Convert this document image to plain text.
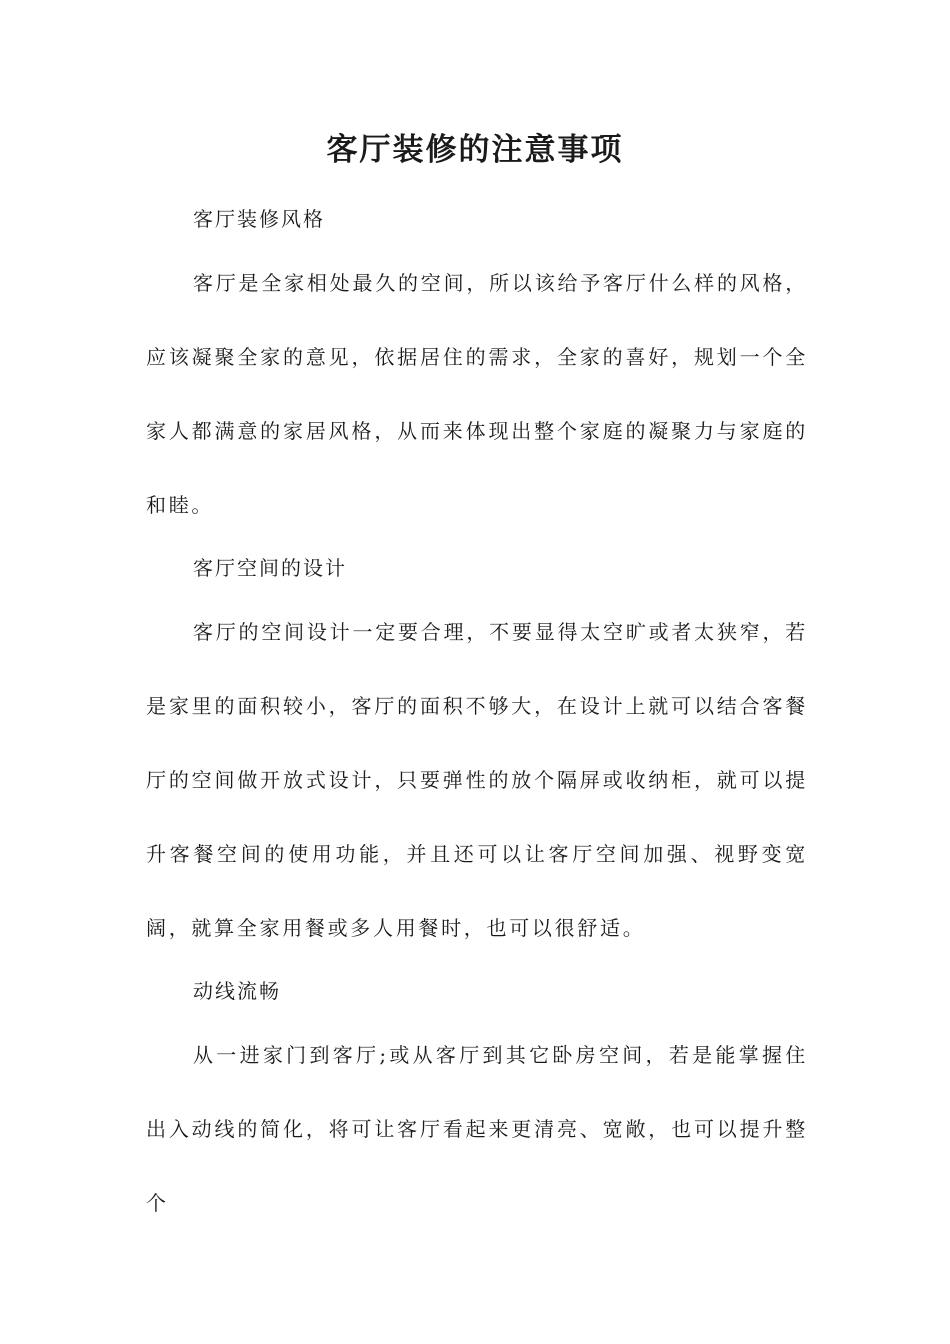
客厅装修的注意事项

客厅装修风格

客厅是全家相处最久的空间，所以该给予客厅什么样的风格，应该凝聚全家的意见，依据居住的需求，全家的喜好，规划一个全家人都满意的家居风格，从而来体现出整个家庭的凝聚力与家庭的和睦。

客厅空间的设计

客厅的空间设计一定要合理，不要显得太空旷或者太狭窄，若是家里的面积较小，客厅的面积不够大，在设计上就可以结合客餐厅的空间做开放式设计，只要弹性的放个隔屏或收纳柜，就可以提升客餐空间的使用功能，并且还可以让客厅空间加强、视野变宽阔，就算全家用餐或多人用餐时，也可以很舒适。

动线流畅

从一进家门到客厅;或从客厅到其它卧房空间，若是能掌握住出入动线的简化，将可让客厅看起来更清亮、宽敞，也可以提升整个
